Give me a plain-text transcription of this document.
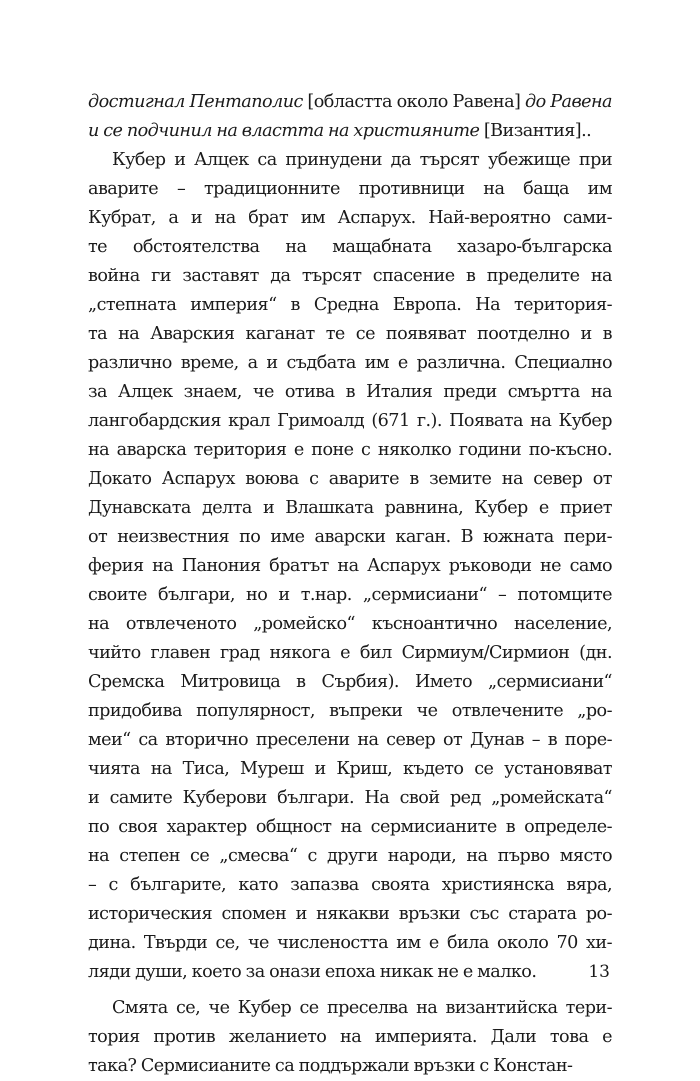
достигнал Пентаполис [областта около Равена] до Равена
и се подчинил на властта на християните [Византия]..
Кубер и Алцек са принудени да търсят убежище при
аварите – традиционните противници на баща им
Кубрат, а и на брат им Аспарух. Най-вероятно сами-
те обстоятелства на мащабната хазаро-българска
война ги заставят да търсят спасение в пределите на
„степната империя“ в Средна Европа. На територия-
та на Аварския каганат те се появяват поотделно и в
различно време, а и съдбата им е различна. Специално
за Алцек знаем, че отива в Италия преди смъртта на
лангобардския крал Гримоалд (671 г.). Появата на Кубер
на аварска територия е поне с няколко години по-късно.
Докато Аспарух воюва с аварите в земите на север от
Дунавската делта и Влашката равнина, Кубер е приет
от неизвестния по име аварски каган. В южната пери-
ферия на Панония братът на Аспарух ръководи не само
своите българи, но и т.нар. „сермисиани“ – потомците
на отвлеченото „ромейско“ късноантично население,
чийто главен град някога е бил Сирмиум/Сирмион (дн.
Сремска Митровица в Сърбия). Името „сермисиани“
придобива популярност, въпреки че отвлечените „ро-
меи“ са вторично преселени на север от Дунав – в поре-
чията на Тиса, Муреш и Криш, където се установяват
и самите Куберови българи. На свой ред „ромейската“
по своя характер общност на сермисианите в определе-
на степен се „смесва“ с други народи, на първо място
– с българите, като запазва своята християнска вяра,
историческия спомен и някакви връзки със старата ро-
дина. Твърди се, че числеността им е била около 70 хи-
ляди души, което за онази епоха никак не е малко.
Смята се, че Кубер се преселва на византийска тери-
тория против желанието на империята. Дали това е
така? Сермисианите са поддържали връзки с Констан-
13
